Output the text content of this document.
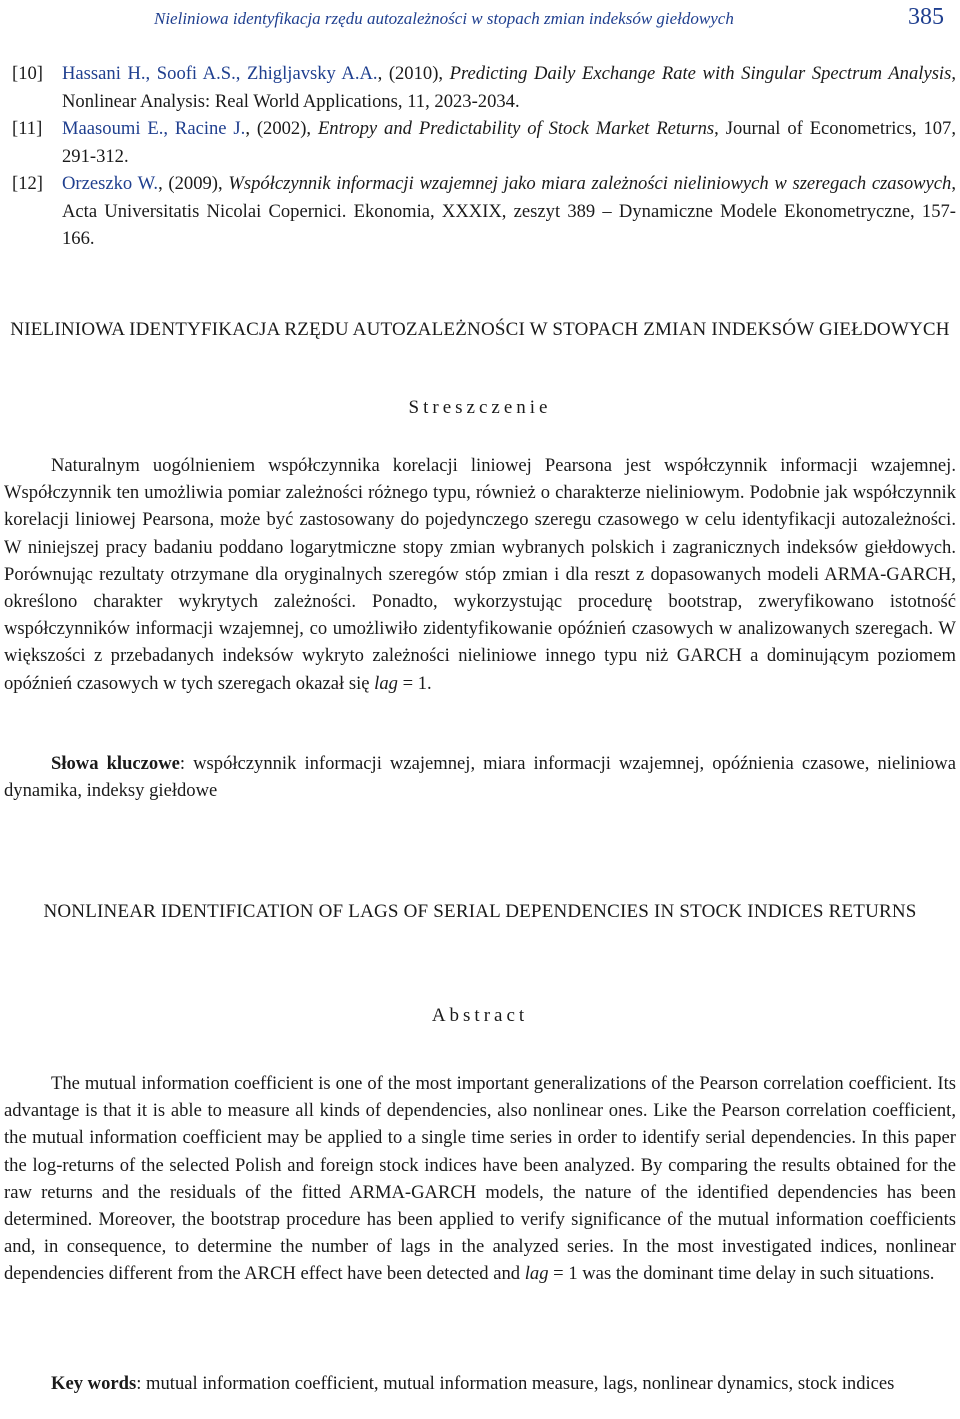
Nieliniowa identyfikacja rzędu autozależności w stopach zmian indeksów giełdowych	385
[10]	Hassani H., Soofi A.S., Zhigljavsky A.A., (2010), Predicting Daily Exchange Rate with Singular Spectrum Analysis, Nonlinear Analysis: Real World Applications, 11, 2023-2034.
[11]	Maasoumi E., Racine J., (2002), Entropy and Predictability of Stock Market Returns, Journal of Econometrics, 107, 291-312.
[12]	Orzeszko W., (2009), Współczynnik informacji wzajemnej jako miara zależności nieliniowych w szeregach czasowych, Acta Universitatis Nicolai Copernici. Ekonomia, XXXIX, zeszyt 389 – Dynamiczne Modele Ekonometryczne, 157-166.
NIELINIOWA IDENTYFIKACJA RZĘDU AUTOZALEŻNOŚCI W STOPACH ZMIAN INDEKSÓW GIEŁDOWYCH
Streszczenie

Naturalnym uogólnieniem współczynnika korelacji liniowej Pearsona jest współczynnik informacji wzajemnej. Współczynnik ten umożliwia pomiar zależności różnego typu, również o charakterze nieliniowym. Podobnie jak współczynnik korelacji liniowej Pearsona, może być zastosowany do pojedynczego szeregu czasowego w celu identyfikacji autozależności. W niniejszej pracy badaniu poddano logarytmiczne stopy zmian wybranych polskich i zagranicznych indeksów giełdowych. Porównując rezultaty otrzymane dla oryginalnych szeregów stóp zmian i dla reszt z dopasowanych modeli ARMA-GARCH, określono charakter wykrytych zależności. Ponadto, wykorzystując procedurę bootstrap, zweryfikowano istotność współczynników informacji wzajemnej, co umożliwiło zidentyfikowanie opóźnień czasowych w analizowanych szeregach. W większości z przebadanych indeksów wykryto zależności nieliniowe innego typu niż GARCH a dominującym poziomem opóźnień czasowych w tych szeregach okazał się lag = 1.

Słowa kluczowe: współczynnik informacji wzajemnej, miara informacji wzajemnej, opóźnienia czasowe, nieliniowa dynamika, indeksy giełdowe

NONLINEAR IDENTIFICATION OF LAGS OF SERIAL DEPENDENCIES IN STOCK INDICES RETURNS
Abstract

The mutual information coefficient is one of the most important generalizations of the Pearson correlation coefficient. Its advantage is that it is able to measure all kinds of dependencies, also nonlinear ones. Like the Pearson correlation coefficient, the mutual information coefficient may be applied to a single time series in order to identify serial dependencies. In this paper the log-returns of the selected Polish and foreign stock indices have been analyzed. By comparing the results obtained for the raw returns and the residuals of the fitted ARMA-GARCH models, the nature of the identified dependencies has been determined. Moreover, the bootstrap procedure has been applied to verify significance of the mutual information coefficients and, in consequence, to determine the number of lags in the analyzed series. In the most investigated indices, nonlinear dependencies different from the ARCH effect have been detected and lag = 1 was the dominant time delay in such situations.

Key words: mutual information coefficient, mutual information measure, lags, nonlinear dynamics, stock indices
